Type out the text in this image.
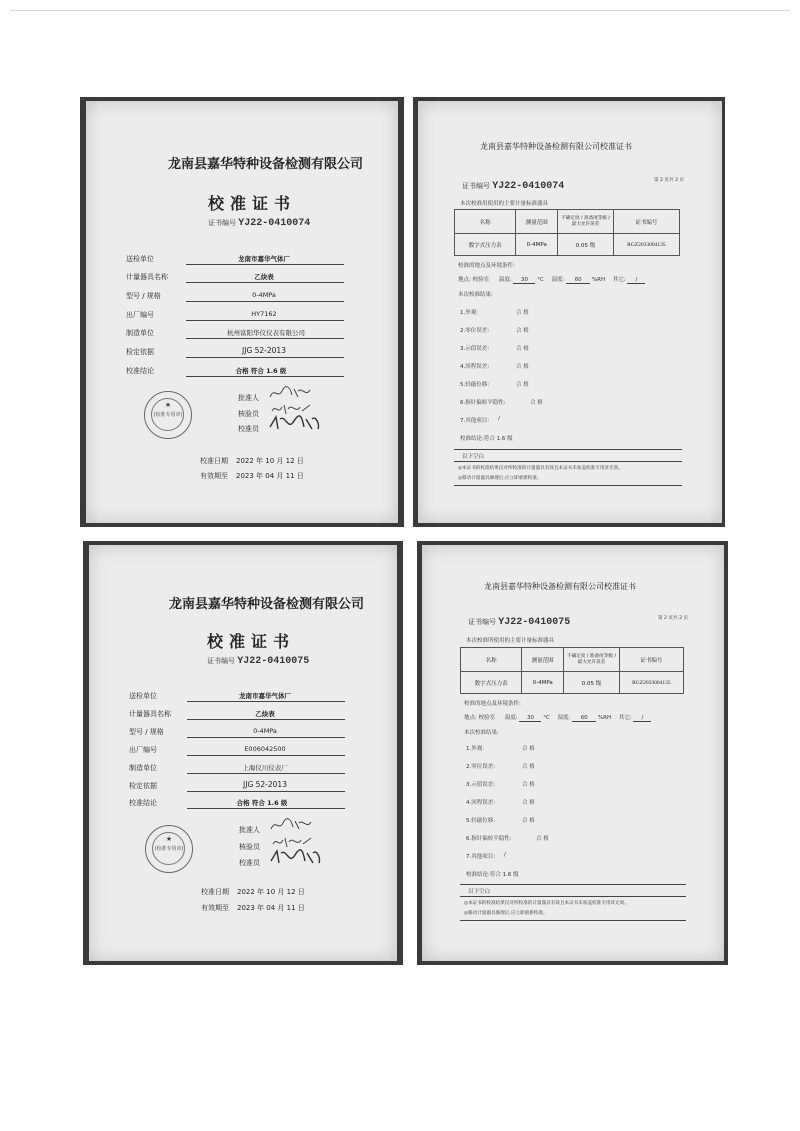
龙南县嘉华特种设备检测有限公司
校准证书
证书编号 YJ22-0410074
送检单位	龙南市嘉华气体厂
计量器具名称	乙炔表
型号 / 规格	0-4MPa
出厂编号	HY7162
制造单位	杭州富阳华仪仪表有限公司
检定依据	JJG 52-2013
校准结论	合格 符合 1.6 级
★
(校准专用章)
批准人
核验员
校准员
校准日期 2022 年 10 月 12 日
有效期至 2023 年 04 月 11 日
龙南县嘉华特种设备检测有限公司校准证书
第 2 页共 2 页
证书编号 YJ22-0410074
本次校准用使用的主要计量标准器具
名称	测量范围	不确定度 / 准备度等级 / 最大允许误差	证书编号
数字式压力表	0-4MPa	0.05 级	RGZ2033004135
校准的地点及环境条件:
地点: 校验室 温度: 30 °C 湿度: 60 %RH 其它: /
本次校准结果:
1.外观:	合 格
2.零位误差:	合 格
3.示值误差:	合 格
4.回程误差:	合 格
5.轻敲位移:	合 格
6.指针偏转平稳性:	合 格
7.其他项目: /
校准结论:符合 1.6 级
以下空白
◎本证书的校准结果仅对所校准的计量器具有效且本证书未加盖校准专用章无效。
◎移动计量器具修理后,应立即重新校准。
龙南县嘉华特种设备检测有限公司
校准证书
证书编号 YJ22-0410075
送检单位	龙南市嘉华气体厂
计量器具名称	乙炔表
型号 / 规格	0-4MPa
出厂编号	E006042500
制造单位	上海仪川仪表厂
检定依据	JJG 52-2013
校准结论	合格 符合 1.6 级
★
(校准专用章)
批准人
核验员
校准员
校准日期 2022 年 10 月 12 日
有效期至 2023 年 04 月 11 日
龙南县嘉华特种设备检测有限公司校准证书
第 2 页共 2 页
证书编号 YJ22-0410075
本次校准所使用的主要计量标准器具
名称	测量范围	不确定度 / 准备度等级 / 最大允许误差	证书编号
数字式压力表	0-4MPa	0.05 级	RGZ2033004135
校准的地点及环境条件:
地点: 校验室 温度: 30 °C 湿度: 60 %RH 其它: /
本次校准结果:
1.外观:	合 格
2.零位误差:	合 格
3.示值误差:	合 格
4.回程误差:	合 格
5.轻敲位移:	合 格
6.指针偏转平稳性:	合 格
7.其他项目: /
校准结论:符合 1.6 级
以下空白
◎本证书的校准结果仅对所校准的计量器具有效且本证书未加盖校准专用章无效。
◎移动计量器具修理后,应立即重新校准。
